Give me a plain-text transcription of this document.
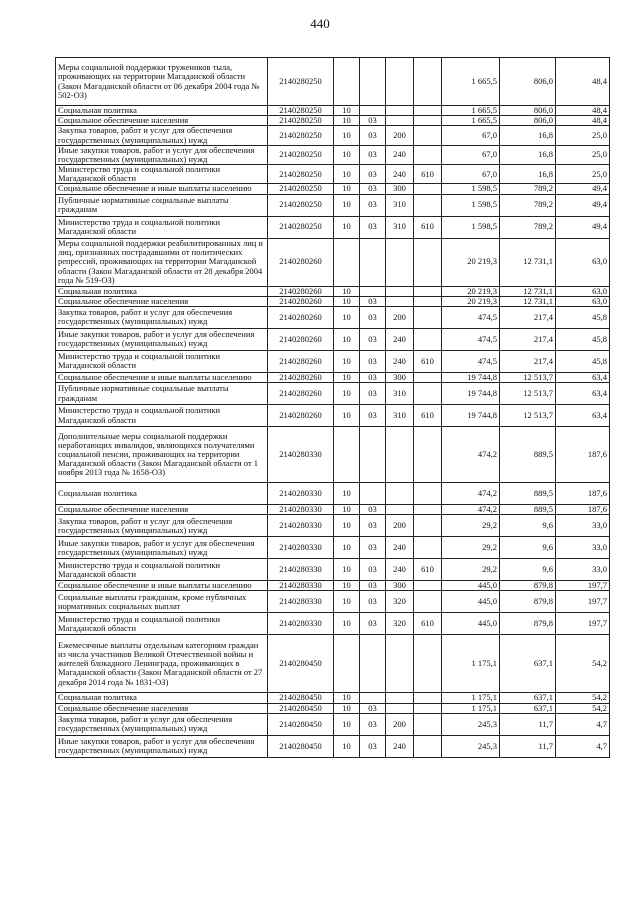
440
Меры социальной поддержки тружеников тыла, проживающих на территории Магаданской области (Закон Магаданской области от 06 декабря 2004 года № 502-ОЗ)	2140280250					1 665,5	806,0	48,4
Социальная политика	2140280250	10				1 665,5	806,0	48,4
Социальное обеспечение населения	2140280250	10	03			1 665,5	806,0	48,4
Закупка товаров, работ и услуг для обеспечения государственных (муниципальных) нужд	2140280250	10	03	200		67,0	16,8	25,0
Иные закупки товаров, работ и услуг для обеспечения государственных (муниципальных) нужд	2140280250	10	03	240		67,0	16,8	25,0
Министерство труда и социальной политики Магаданской области	2140280250	10	03	240	610	67,0	16,8	25,0
Социальное обеспечение и иные выплаты населению	2140280250	10	03	300		1 598,5	789,2	49,4
Публичные нормативные социальные выплаты гражданам	2140280250	10	03	310		1 598,5	789,2	49,4
Министерство труда и социальной политики Магаданской области	2140280250	10	03	310	610	1 598,5	789,2	49,4
Меры социальной поддержки реабилитированных лиц и лиц, признанных пострадавшими от политических репрессий, проживающих на территории Магаданской области (Закон Магаданской области от 28 декабря 2004 года № 519-ОЗ)	2140280260					20 219,3	12 731,1	63,0
Социальная политика	2140280260	10				20 219,3	12 731,1	63,0
Социальное обеспечение населения	2140280260	10	03			20 219,3	12 731,1	63,0
Закупка товаров, работ и услуг для обеспечения государственных (муниципальных) нужд	2140280260	10	03	200		474,5	217,4	45,8
Иные закупки товаров, работ и услуг для обеспечения государственных (муниципальных) нужд	2140280260	10	03	240		474,5	217,4	45,8
Министерство труда и социальной политики Магаданской области	2140280260	10	03	240	610	474,5	217,4	45,8
Социальное обеспечение и иные выплаты населению	2140280260	10	03	300		19 744,8	12 513,7	63,4
Публичные нормативные социальные выплаты гражданам	2140280260	10	03	310		19 744,8	12 513,7	63,4
Министерство труда и социальной политики Магаданской области	2140280260	10	03	310	610	19 744,8	12 513,7	63,4
Дополнительные меры социальной поддержки неработающих инвалидов, являющихся получателями социальной пенсии, проживающих на территории Магаданской области (Закон Магаданской области от 1 ноября 2013 года № 1658-ОЗ)	2140280330					474,2	889,5	187,6
Социальная политика	2140280330	10				474,2	889,5	187,6
Социальное обеспечение населения	2140280330	10	03			474,2	889,5	187,6
Закупка товаров, работ и услуг для обеспечения государственных (муниципальных) нужд	2140280330	10	03	200		29,2	9,6	33,0
Иные закупки товаров, работ и услуг для обеспечения государственных (муниципальных) нужд	2140280330	10	03	240		29,2	9,6	33,0
Министерство труда и социальной политики Магаданской области	2140280330	10	03	240	610	29,2	9,6	33,0
Социальное обеспечение и иные выплаты населению	2140280330	10	03	300		445,0	879,8	197,7
Социальные выплаты гражданам, кроме публичных нормативных социальных выплат	2140280330	10	03	320		445,0	879,8	197,7
Министерство труда и социальной политики Магаданской области	2140280330	10	03	320	610	445,0	879,8	197,7
Ежемесячные выплаты отдельным категориям граждан из числа участников Великой Отечественной войны и жителей блокадного Ленинграда, проживающих в Магаданской области (Закон Магаданской области от 27 декабря 2014 года № 1831-ОЗ)	2140280450					1 175,1	637,1	54,2
Социальная политика	2140280450	10				1 175,1	637,1	54,2
Социальное обеспечение населения	2140280450	10	03			1 175,1	637,1	54,2
Закупка товаров, работ и услуг для обеспечения государственных (муниципальных) нужд	2140280450	10	03	200		245,3	11,7	4,7
Иные закупки товаров, работ и услуг для обеспечения государственных (муниципальных) нужд	2140280450	10	03	240		245,3	11,7	4,7
